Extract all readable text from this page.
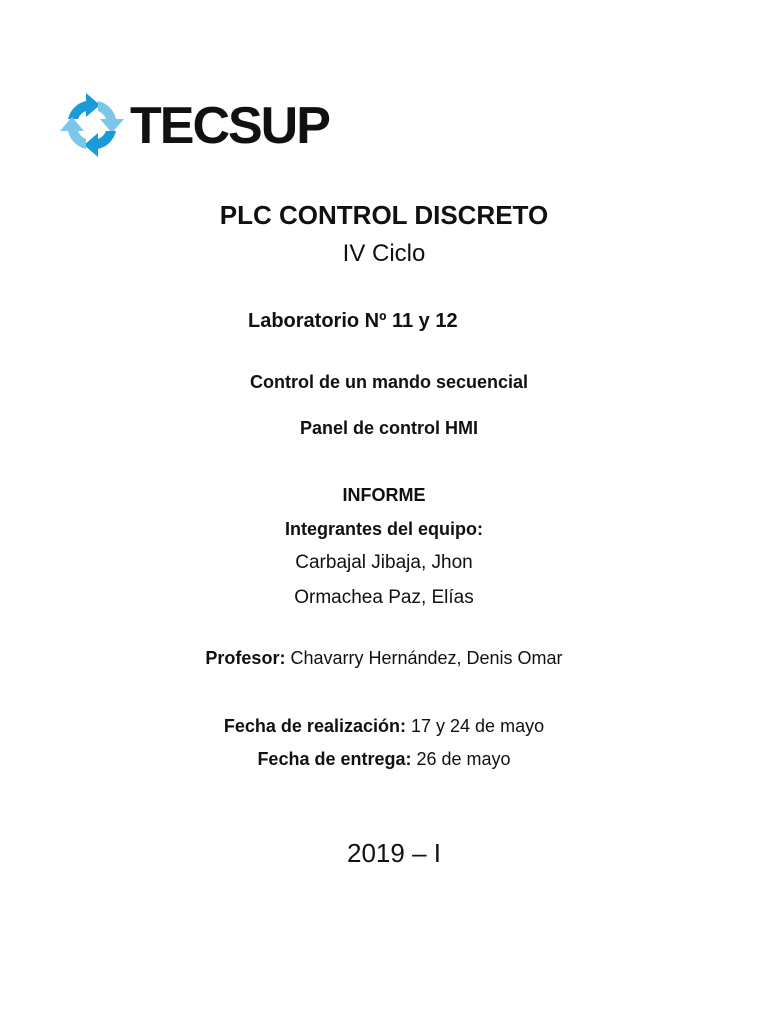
TECSUP
PLC CONTROL DISCRETO
IV Ciclo
Laboratorio Nº 11 y 12
Control de un mando secuencial
Panel de control HMI
INFORME
Integrantes del equipo:
Carbajal Jibaja, Jhon
Ormachea Paz, Elías
Profesor: Chavarry Hernández, Denis Omar
Fecha de realización: 17 y 24 de mayo
Fecha de entrega: 26 de mayo
2019 – I
